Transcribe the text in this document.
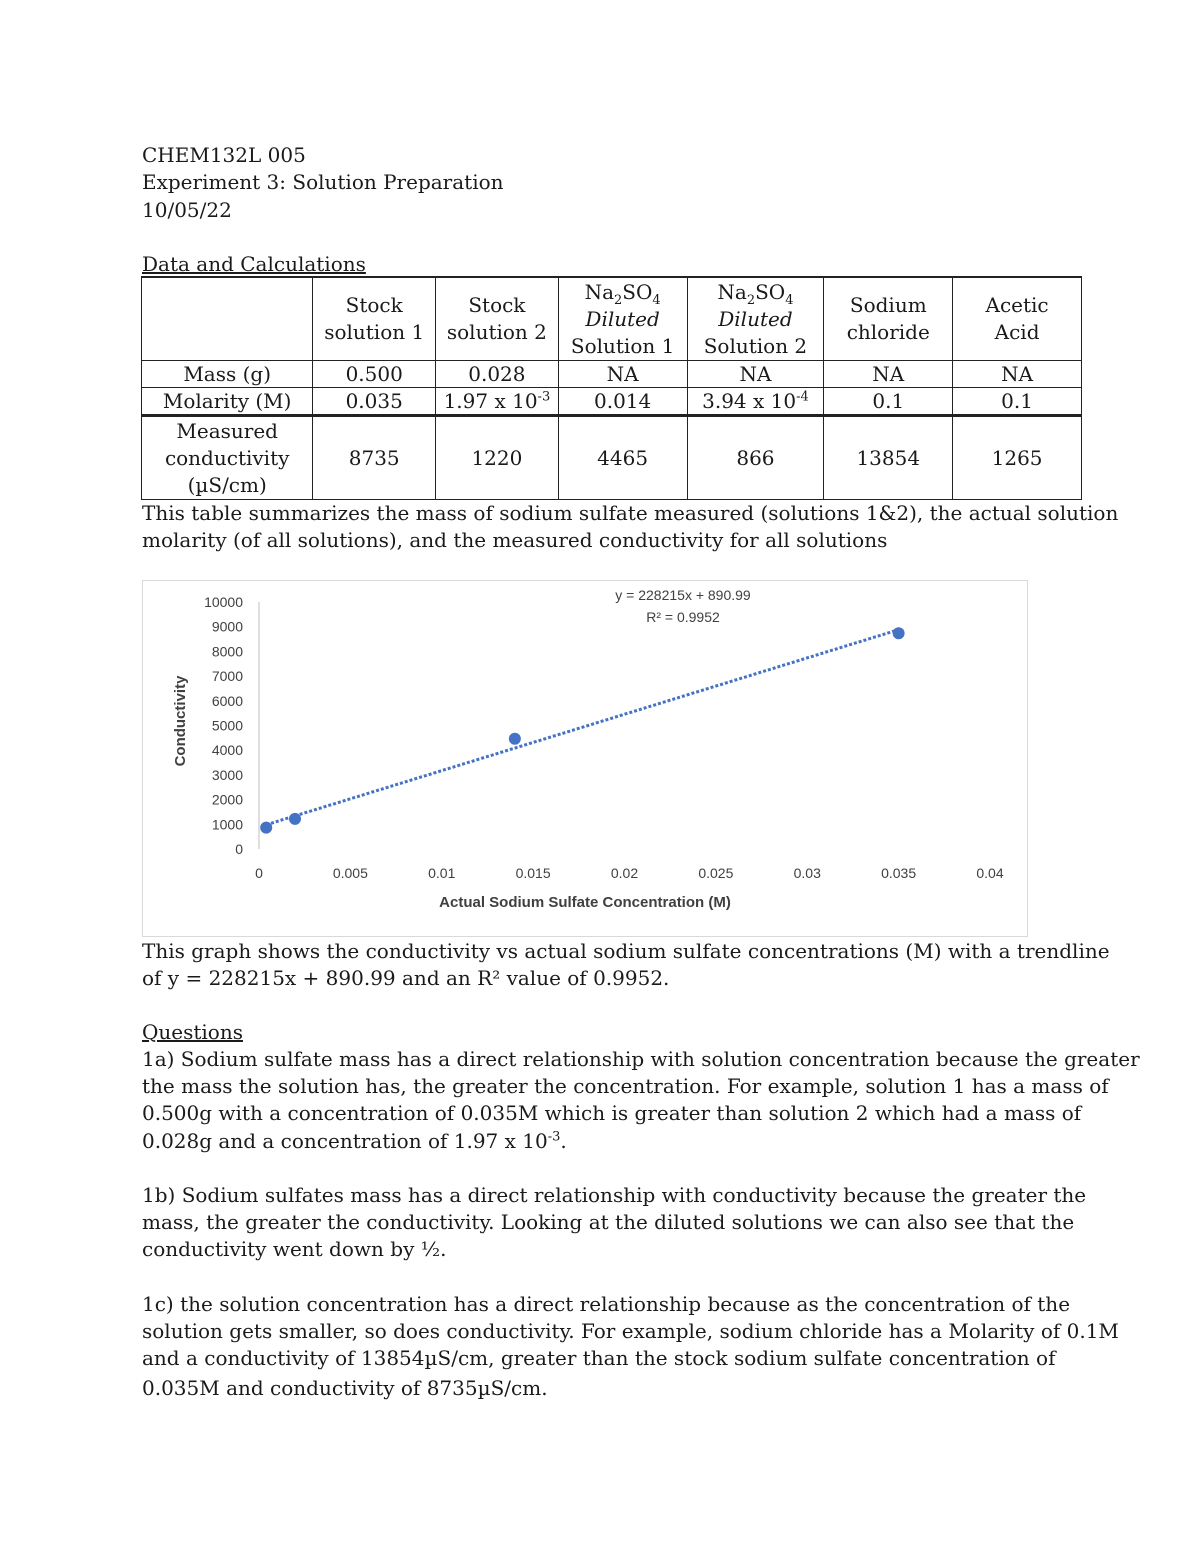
CHEM132L 005
Experiment 3: Solution Preparation
10/05/22
Data and Calculations
	Stock
solution 1	Stock
solution 2	$Na_2SO_4$
Diluted
Solution 1	$Na_2SO_4$
Diluted
Solution 2	Sodium
chloride	Acetic
Acid
Mass (g)	0.500	0.028	NA	NA	NA	NA
Molarity (M)	0.035	1.97 x $10^{-3}$	0.014	3.94 x $10^{-4}$	0.1	0.1
Measured
conductivity
(µS/cm)	8735	1220	4465	866	13854	1265
This table summarizes the mass of sodium sulfate measured (solutions 1&2), the actual solution
molarity (of all solutions), and the measured conductivity for all solutions
0
1000
2000
3000
4000
5000
6000
7000
8000
9000
10000
0	0.005	0.01	0.015	0.02	0.025	0.03	0.035	0.04
y = 228215x + 890.99
R² = 0.9952
Actual Sodium Sulfate Concentration (M)
Conductivity
This graph shows the conductivity vs actual sodium sulfate concentrations (M) with a trendline
of y = 228215x + 890.99 and an R² value of 0.9952.
Questions
1a) Sodium sulfate mass has a direct relationship with solution concentration because the greater
the mass the solution has, the greater the concentration. For example, solution 1 has a mass of
0.500g with a concentration of 0.035M which is greater than solution 2 which had a mass of
0.028g and a concentration of 1.97 x $10^{-3}$.
1b) Sodium sulfates mass has a direct relationship with conductivity because the greater the
mass, the greater the conductivity. Looking at the diluted solutions we can also see that the
conductivity went down by ½.
1c) the solution concentration has a direct relationship because as the concentration of the
solution gets smaller, so does conductivity. For example, sodium chloride has a Molarity of 0.1M
and a conductivity of 13854µS/cm, greater than the stock sodium sulfate concentration of
0.035M and conductivity of 8735µS/cm.
